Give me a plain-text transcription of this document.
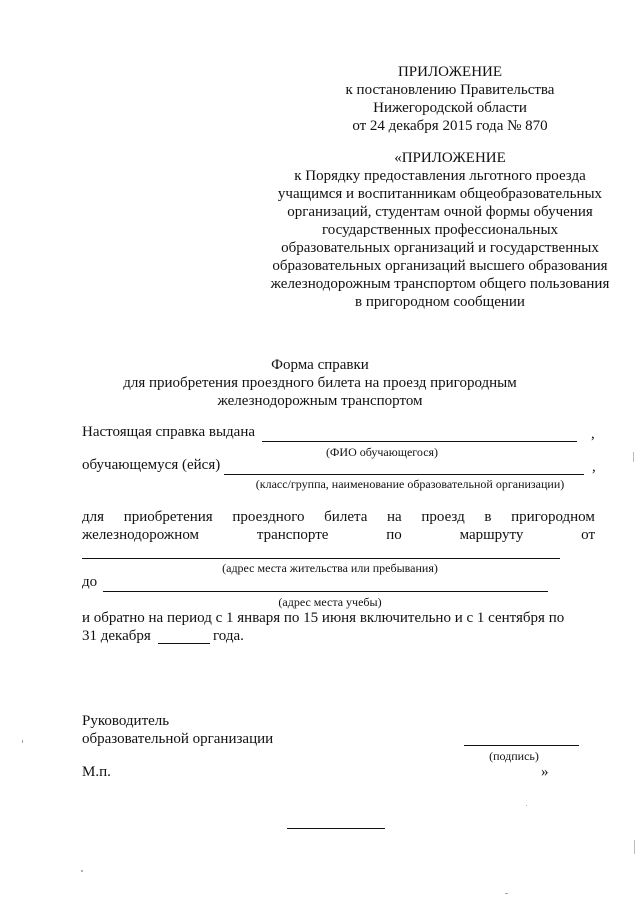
ПРИЛОЖЕНИЕ
к постановлению Правительства
Нижегородской области
от 24 декабря 2015 года № 870
«ПРИЛОЖЕНИЕ
к Порядку предоставления льготного проезда
учащимся и воспитанникам общеобразовательных
организаций, студентам очной формы обучения
государственных профессиональных
образовательных организаций и государственных
образовательных организаций высшего образования
железнодорожным транспортом общего пользования
в пригородном сообщении
Форма справки
для приобретения проездного билета на проезд пригородным
железнодорожным транспортом
Настоящая справка выдана	,
(ФИО обучающегося)
обучающемуся (ейся)	,
(класс/группа, наименование образовательной организации)
для приобретения проездного билета на проезд в пригородном
железнодорожном	транспорте	по	маршруту	от
(адрес места жительства или пребывания)
до
(адрес места учебы)
и обратно на период с 1 января по 15 июня включительно и с 1 сентября по
31 декабря	года.
Руководитель
образовательной организации
(подпись)
М.п.	»
